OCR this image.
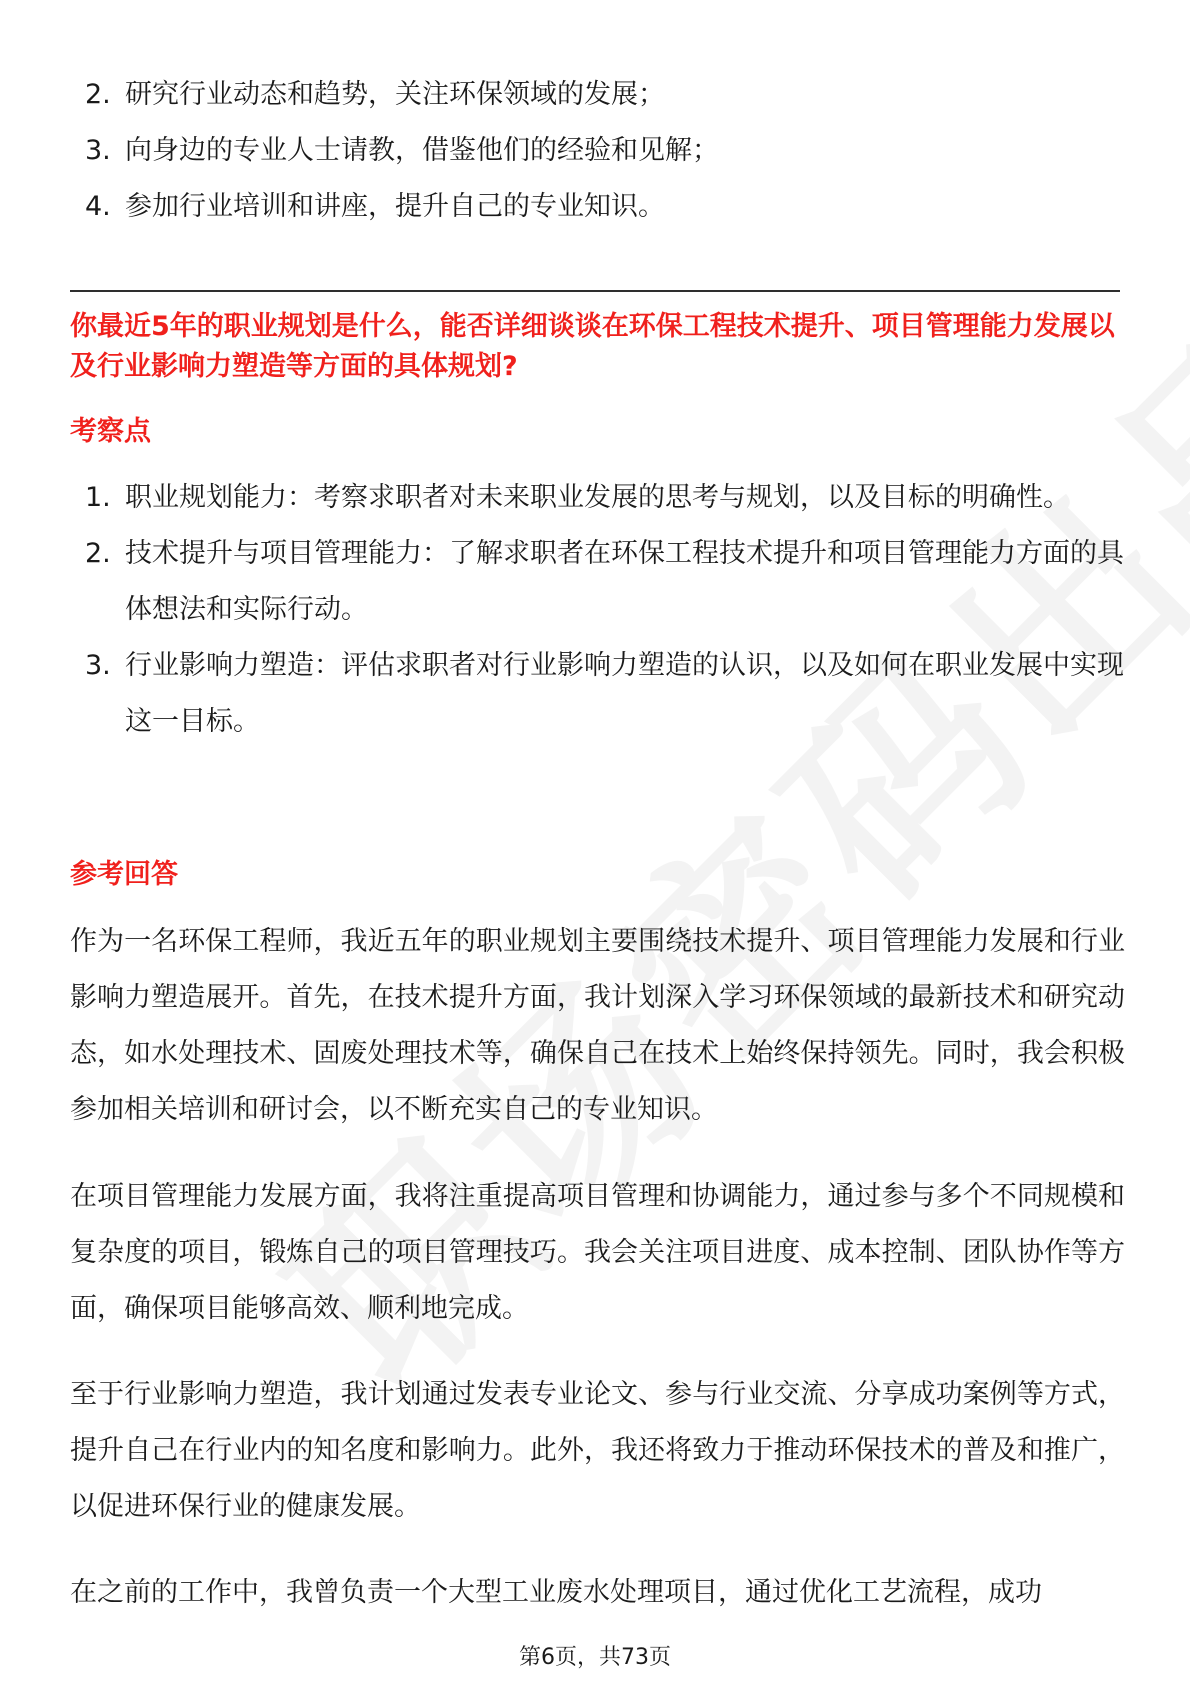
2. 研究行业动态和趋势，关注环保领域的发展；
3. 向身边的专业人士请教，借鉴他们的经验和见解；
4. 参加行业培训和讲座，提升自己的专业知识。
你最近5年的职业规划是什么，能否详细谈谈在环保工程技术提升、项目管理能力发展以及行业影响力塑造等方面的具体规划?
考察点
1. 职业规划能力：考察求职者对未来职业发展的思考与规划，以及目标的明确性。
2. 技术提升与项目管理能力：了解求职者在环保工程技术提升和项目管理能力方面的具体想法和实际行动。
3. 行业影响力塑造：评估求职者对行业影响力塑造的认识，以及如何在职业发展中实现这一目标。
参考回答

作为一名环保工程师，我近五年的职业规划主要围绕技术提升、项目管理能力发展和行业影响力塑造展开。首先，在技术提升方面，我计划深入学习环保领域的最新技术和研究动态，如水处理技术、固废处理技术等，确保自己在技术上始终保持领先。同时，我会积极参加相关培训和研讨会，以不断充实自己的专业知识。

在项目管理能力发展方面，我将注重提高项目管理和协调能力，通过参与多个不同规模和复杂度的项目，锻炼自己的项目管理技巧。我会关注项目进度、成本控制、团队协作等方面，确保项目能够高效、顺利地完成。

至于行业影响力塑造，我计划通过发表专业论文、参与行业交流、分享成功案例等方式，提升自己在行业内的知名度和影响力。此外，我还将致力于推动环保技术的普及和推广，以促进环保行业的健康发展。

在之前的工作中，我曾负责一个大型工业废水处理项目，通过优化工艺流程，成功

第6页，共73页
